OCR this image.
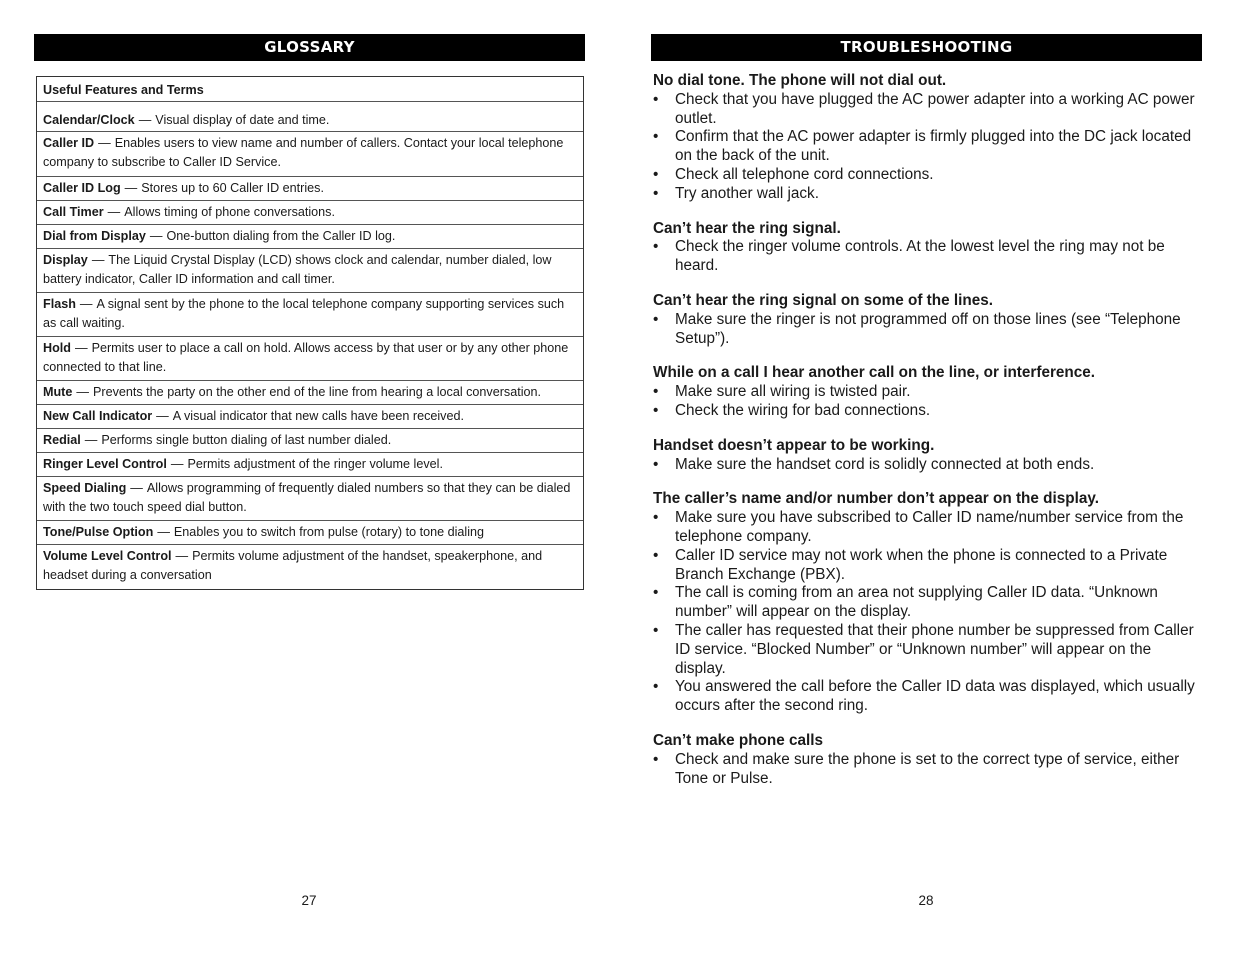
GLOSSARY
Useful Features and Terms
Calendar/Clock — Visual display of date and time.
Caller ID — Enables users to view name and number of callers. Contact your local telephone company to subscribe to Caller ID Service.
Caller ID Log — Stores up to 60 Caller ID entries.
Call Timer — Allows timing of phone conversations.
Dial from Display — One-button dialing from the Caller ID log.
Display — The Liquid Crystal Display (LCD) shows clock and calendar, number dialed, low battery indicator, Caller ID information and call timer.
Flash — A signal sent by the phone to the local telephone company supporting services such as call waiting.
Hold — Permits user to place a call on hold. Allows access by that user or by any other phone connected to that line.
Mute — Prevents the party on the other end of the line from hearing a local conversation.
New Call Indicator — A visual indicator that new calls have been received.
Redial — Performs single button dialing of last number dialed.
Ringer Level Control — Permits adjustment of the ringer volume level.
Speed Dialing — Allows programming of frequently dialed numbers so that they can be dialed with the two touch speed dial button.
Tone/Pulse Option — Enables you to switch from pulse (rotary) to tone dialing
Volume Level Control — Permits volume adjustment of the handset, speakerphone, and headset during a conversation
27
TROUBLESHOOTING
No dial tone. The phone will not dial out.
• Check that you have plugged the AC power adapter into a working AC power outlet.
• Confirm that the AC power adapter is firmly plugged into the DC jack located on the back of the unit.
• Check all telephone cord connections.
• Try another wall jack.
Can’t hear the ring signal.
• Check the ringer volume controls. At the lowest level the ring may not be heard.
Can’t hear the ring signal on some of the lines.
• Make sure the ringer is not programmed off on those lines (see “Telephone Setup”).
While on a call I hear another call on the line, or interference.
• Make sure all wiring is twisted pair.
• Check the wiring for bad connections.
Handset doesn’t appear to be working.
• Make sure the handset cord is solidly connected at both ends.
The caller’s name and/or number don’t appear on the display.
• Make sure you have subscribed to Caller ID name/number service from the telephone company.
• Caller ID service may not work when the phone is connected to a Private Branch Exchange (PBX).
• The call is coming from an area not supplying Caller ID data. “Unknown number” will appear on the display.
• The caller has requested that their phone number be suppressed from Caller ID service. “Blocked Number” or “Unknown number” will appear on the display.
• You answered the call before the Caller ID data was displayed, which usually occurs after the second ring.
Can’t make phone calls
• Check and make sure the phone is set to the correct type of service, either Tone or Pulse.
28
